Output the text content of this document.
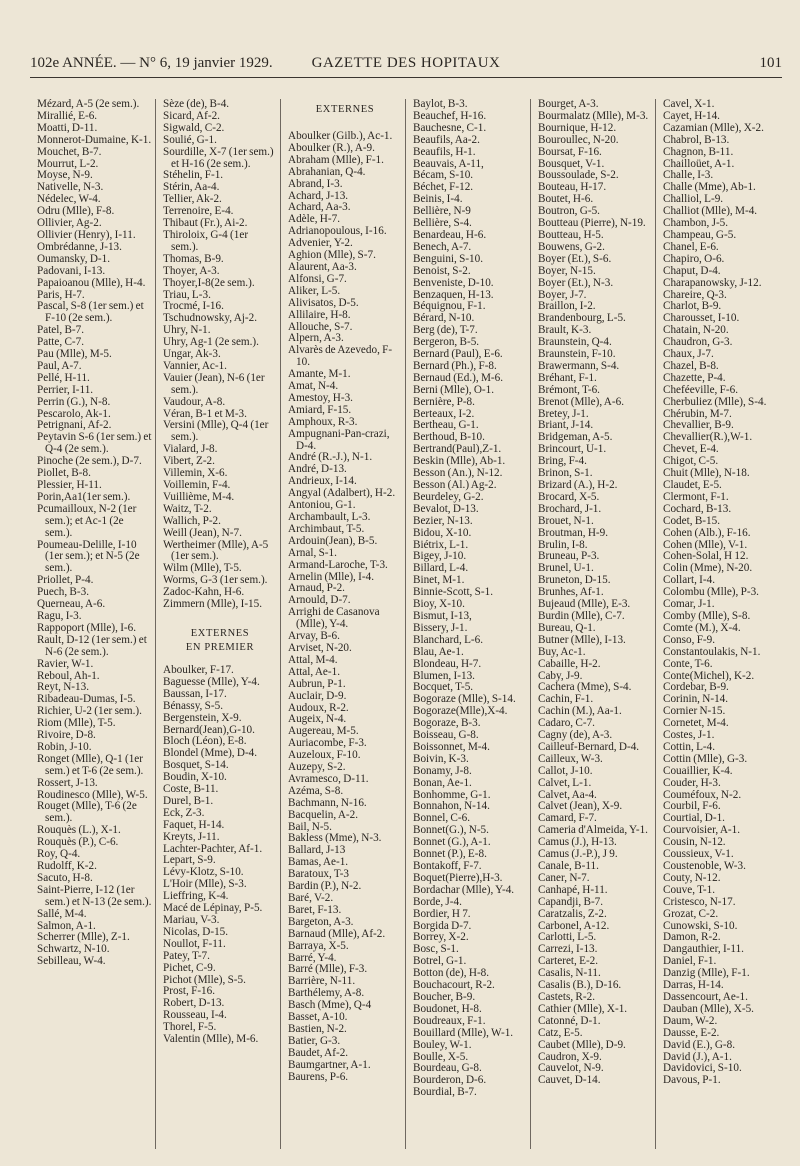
102e ANNÉE. — N° 6, 19 janvier 1929.	GAZETTE DES HOPITAUX	101
Mézard, A-5 (2e sem.).
Mirallié, E-6.
Moatti, D-11.
Monnerot-Dumaine, K-1.
Mouchet, B-7.
Mourrut, L-2.
Moyse, N-9.
Nativelle, N-3.
Nédelec, W-4.
Odru (Mlle), F-8.
Ollivier, Ag-2.
Ollivier (Henry), I-11.
Ombrédanne, J-13.
Oumansky, D-1.
Padovani, I-13.
Papaioanou (Mlle), H-4.
Paris, H-7.
Pascal, S-8 (1er sem.) et F-10 (2e sem.).
Patel, B-7.
Patte, C-7.
Pau (Mlle), M-5.
Paul, A-7.
Pellé, H-11.
Perrier, I-11.
Perrin (G.), N-8.
Pescarolo, Ak-1.
Petrignani, Af-2.
Peytavin S-6 (1er sem.) et Q-4 (2e sem.).
Pinoche (2e sem.), D-7.
Piollet, B-8.
Plessier, H-11.
Porin,Aa1(1er sem.).
Pcumailloux, N-2 (1er sem.); et Ac-1 (2e sem.).
Poumeau-Delille, I-10 (1er sem.); et N-5 (2e sem.).
Priollet, P-4.
Puech, B-3.
Querneau, A-6.
Ragu, I-3.
Rappoport (Mlle), I-6.
Rault, D-12 (1er sem.) et N-6 (2e sem.).
Ravier, W-1.
Reboul, Ah-1.
Reyt, N-13.
Ribadeau-Dumas, I-5.
Richier, U-2 (1er sem.).
Riom (Mlle), T-5.
Rivoire, D-8.
Robin, J-10.
Ronget (Mlle), Q-1 (1er sem.) et T-6 (2e sem.).
Rossert, J-13.
Roudinesco (Mlle), W-5.
Rouget (Mlle), T-6 (2e sem.).
Rouquès (L.), X-1.
Rouquès (P.), C-6.
Roy, Q-4.
Rudolff, K-2.
Sacuto, H-8.
Saint-Pierre, I-12 (1er sem.) et N-13 (2e sem.).
Sallé, M-4.
Salmon, A-1.
Scherrer (Mlle), Z-1.
Schwartz, N-10.
Sebilleau, W-4.
Sèze (de), B-4.
Sicard, Af-2.
Sigwald, C-2.
Soulié, G-1.
Sourdille, X-7 (1er sem.) et H-16 (2e sem.).
Stéhelin, F-1.
Stérin, Aa-4.
Tellier, Ak-2.
Terrenoire, E-4.
Thibaut (Fr.), Ai-2.
Thiroloix, G-4 (1er sem.).
Thomas, B-9.
Thoyer, A-3.
Thoyer,I-8(2e sem.).
Triau, L-3.
Trocmé, I-16.
Tschudnowsky, Aj-2.
Uhry, N-1.
Uhry, Ag-1 (2e sem.).
Ungar, Ak-3.
Vannier, Ac-1.
Vauier (Jean), N-6 (1er sem.).
Vaudour, A-8.
Véran, B-1 et M-3.
Versini (Mlle), Q-4 (1er sem.).
Vialard, J-8.
Vibert, Z-2.
Villemin, X-6.
Voillemin, F-4.
Vuillième, M-4.
Waitz, T-2.
Wallich, P-2.
Weill (Jean), N-7.
Wertheimer (Mlle), A-5 (1er sem.).
Wilm (Mlle), T-5.
Worms, G-3 (1er sem.).
Zadoc-Kahn, H-6.
Zimmern (Mlle), I-15.
EXTERNES
EN PREMIER
Aboulker, F-17.
Baguesse (Mlle), Y-4.
Baussan, I-17.
Bénassy, S-5.
Bergenstein, X-9.
Bernard(Jean),G-10.
Bloch (Léon), E-8.
Blondel (Mme), D-4.
Bosquet, S-14.
Boudin, X-10.
Coste, B-11.
Durel, B-1.
Eck, Z-3.
Faquet, H-14.
Kreyts, J-11.
Lachter-Pachter, Af-1.
Lepart, S-9.
Lévy-Klotz, S-10.
L'Hoir (Mlle), S-3.
Lieffring, K-4.
Macé de Lépinay, P-5.
Mariau, V-3.
Nicolas, D-15.
Noullot, F-11.
Patey, T-7.
Pichet, C-9.
Pichot (Mlle), S-5.
Prost, F-16.
Robert, D-13.
Rousseau, I-4.
Thorel, F-5.
Valentin (Mlle), M-6.
EXTERNES
Aboulker (Gilb.), Ac-1.
Aboulker (R.), A-9.
Abraham (Mlle), F-1.
Abrahanian, Q-4.
Abrand, I-3.
Achard, J-13.
Achard, Aa-3.
Adèle, H-7.
Adrianopoulous, I-16.
Advenier, Y-2.
Aghion (Mlle), S-7.
Alaurent, Aa-3.
Alfonsi, G-7.
Aliker, L-5.
Alivisatos, D-5.
Allilaire, H-8.
Allouche, S-7.
Alpern, A-3.
Alvarès de Azevedo, F-10.
Amante, M-1.
Amat, N-4.
Amestoy, H-3.
Amiard, F-15.
Amphoux, R-3.
Ampugnani-Pan-crazi, D-4.
André (R.-J.), N-1.
André, D-13.
Andrieux, I-14.
Angyal (Adalbert), H-2.
Antoniou, G-1.
Archambault, L-3.
Archimbaut, T-5.
Ardouin(Jean), B-5.
Arnal, S-1.
Armand-Laroche, T-3.
Arnelin (Mlle), I-4.
Arnaud, P-2.
Arnould, D-7.
Arrighi de Casanova (Mlle), Y-4.
Arvay, B-6.
Arviset, N-20.
Attal, M-4.
Attal, Ae-1.
Aubrun, P-1.
Auclair, D-9.
Audoux, R-2.
Augeix, N-4.
Augereau, M-5.
Auriacombe, F-3.
Auzeloux, F-10.
Auzepy, S-2.
Avramesco, D-11.
Azéma, S-8.
Bachmann, N-16.
Bacquelin, A-2.
Bail, N-5.
Bakless (Mme), N-3.
Ballard, J-13
Bamas, Ae-1.
Baratoux, T-3
Bardin (P.), N-2.
Baré, V-2.
Baret, F-13.
Bargeton, A-3.
Barnaud (Mlle), Af-2.
Barraya, X-5.
Barré, Y-4.
Barré (Mlle), F-3.
Barrière, N-11.
Barthélemy, A-8.
Basch (Mme), Q-4
Basset, A-10.
Bastien, N-2.
Batier, G-3.
Baudet, Af-2.
Baumgartner, A-1.
Baurens, P-6.
Baylot, B-3.
Beauchef, H-16.
Bauchesne, C-1.
Beaufils, Aa-2.
Beaufils, H-1.
Beauvais, A-11,
Bécam, S-10.
Béchet, F-12.
Beinis, I-4.
Bellière, N-9
Bellière, S-4.
Benardeau, H-6.
Benech, A-7.
Benguini, S-10.
Benoist, S-2.
Benveniste, D-10.
Benzaquen, H-13.
Béquignou, F-1.
Bérard, N-10.
Berg (de), T-7.
Bergeron, B-5.
Bernard (Paul), E-6.
Bernard (Ph.), F-8.
Bernaud (Ed.), M-6.
Berni (Mlle), O-1.
Bernière, P-8.
Berteaux, I-2.
Bertheau, G-1.
Berthoud, B-10.
Bertrand(Paul),Z-1.
Beskin (Mlle), Ab-1.
Besson (An.), N-12.
Besson (Al.) Ag-2.
Beurdeley, G-2.
Bevalot, D-13.
Bezier, N-13.
Bidou, X-10.
Biétrix, L-1.
Bigey, J-10.
Billard, L-4.
Binet, M-1.
Binnie-Scott, S-1.
Bioy, X-10.
Bismut, I-13,
Bissery, J-1.
Blanchard, L-6.
Blau, Ae-1.
Blondeau, H-7.
Blumen, I-13.
Bocquet, T-5.
Bogoraze (Mlle), S-14.
Bogoraze(Mlle),X-4.
Bogoraze, B-3.
Boisseau, G-8.
Boissonnet, M-4.
Boivin, K-3.
Bonamy, J-8.
Bonan, Ae-1.
Bonhomme, G-1.
Bonnahon, N-14.
Bonnel, C-6.
Bonnet(G.), N-5.
Bonnet (G.), A-1.
Bonnet (P.), E-8.
Bontakoff, F-7.
Boquet(Pierre),H-3.
Bordachar (Mlle), Y-4.
Borde, J-4.
Bordier, H 7.
Borgida D-7.
Borrey, X-2.
Bosc, S-1.
Botrel, G-1.
Botton (de), H-8.
Bouchacourt, R-2.
Boucher, B-9.
Boudonet, H-8.
Boudreaux, F-1.
Bouillard (Mlle), W-1.
Bouley, W-1.
Boulle, X-5.
Bourdeau, G-8.
Bourderon, D-6.
Bourdial, B-7.
Bourget, A-3.
Bourmalatz (Mlle), M-3.
Bournique, H-12.
Bouroullec, N-20.
Boursat, F-16.
Bousquet, V-1.
Boussoulade, S-2.
Bouteau, H-17.
Boutet, H-6.
Boutron, G-5.
Boutteau (Pierre), N-19.
Boutteau, H-5.
Bouwens, G-2.
Boyer (Et.), S-6.
Boyer, N-15.
Boyer (Et.), N-3.
Boyer, J-7.
Braillon, I-2.
Brandenbourg, L-5.
Brault, K-3.
Braunstein, Q-4.
Braunstein, F-10.
Brawermann, S-4.
Bréhant, F-1.
Brémont, T-6.
Brenot (Mlle), A-6.
Bretey, J-1.
Briant, J-14.
Bridgeman, A-5.
Brincourt, U-1.
Bring, F-4.
Brinon, S-1.
Brizard (A.), H-2.
Brocard, X-5.
Brochard, J-1.
Brouet, N-1.
Broutman, H-9.
Brulin, I-8.
Bruneau, P-3.
Brunel, U-1.
Bruneton, D-15.
Brunhes, Af-1.
Bujeaud (Mlle), E-3.
Burdin (Mlle), C-7.
Bureau, Q-1.
Butner (Mlle), I-13.
Buy, Ac-1.
Cabaille, H-2.
Caby, J-9.
Cachera (Mme), S-4.
Cachin, F-1.
Cachin (M.), Aa-1.
Cadaro, C-7.
Cagny (de), A-3.
Cailleuf-Bernard, D-4.
Cailleux, W-3.
Callot, J-10.
Calvet, L-1.
Calvet, Aa-4.
Calvet (Jean), X-9.
Camard, F-7.
Cameria d'Almeida, Y-1.
Camus (J.), H-13.
Camus (J.-P.), J 9.
Canale, B-11.
Caner, N-7.
Canhapé, H-11.
Capandji, B-7.
Caratzalis, Z-2.
Carbonel, A-12.
Carlotti, L-5.
Carrezi, I-13.
Carteret, E-2.
Casalis, N-11.
Casalis (B.), D-16.
Castets, R-2.
Cathier (Mlle), X-1.
Catonné, D-1.
Catz, E-5.
Caubet (Mlle), D-9.
Caudron, X-9.
Cauvelot, N-9.
Cauvet, D-14.
Cavel, X-1.
Cayet, H-14.
Cazamian (Mlle), X-2.
Chabrol, B-13.
Chagnon, B-11.
Chailloüet, A-1.
Challe, I-3.
Challe (Mme), Ab-1.
Challiol, L-9.
Challiot (Mlle), M-4.
Chambon, J-5.
Champeau, G-5.
Chanel, E-6.
Chapiro, O-6.
Chaput, D-4.
Charapanowsky, J-12.
Chareire, Q-3.
Charlot, B-9.
Charousset, I-10.
Chatain, N-20.
Chaudron, G-3.
Chaux, J-7.
Chazel, B-8.
Chazette, P-4.
Cheféeville, F-6.
Cherbuliez (Mlle), S-4.
Chérubin, M-7.
Chevallier, B-9.
Chevallier(R.),W-1.
Chevet, E-4.
Chigot, C-5.
Chuit (Mlle), N-18.
Claudet, E-5.
Clermont, F-1.
Cochard, B-13.
Codet, B-15.
Cohen (Alb.), F-16.
Cohen (Mlle), V-1.
Cohen-Solal, H 12.
Colin (Mme), N-20.
Collart, I-4.
Colombu (Mlle), P-3.
Comar, J-1.
Comby (Mlle), S-8.
Comte (M.), X-4.
Conso, F-9.
Constantoulakis, N-1.
Conte, T-6.
Conte(Michel), K-2.
Cordebar, B-9.
Corinin, N-14.
Cornier N-15.
Cornetet, M-4.
Costes, J-1.
Cottin, L-4.
Cottin (Mlle), G-3.
Couaillier, K-4.
Couder, H-3.
Couméfoux, N-2.
Courbil, F-6.
Courtial, D-1.
Courvoisier, A-1.
Cousin, N-12.
Coussieux, V-1.
Coustenoble, W-3.
Couty, N-12.
Couve, T-1.
Cristesco, N-17.
Grozat, C-2.
Cunowski, S-10.
Damon, R-2.
Dangauthier, I-11.
Daniel, F-1.
Danzig (Mlle), F-1.
Darras, H-14.
Dassencourt, Ae-1.
Dauban (Mlle), X-5.
Daum, W-2.
Dausse, E-2.
David (E.), G-8.
David (J.), A-1.
Davidovici, S-10.
Davous, P-1.
